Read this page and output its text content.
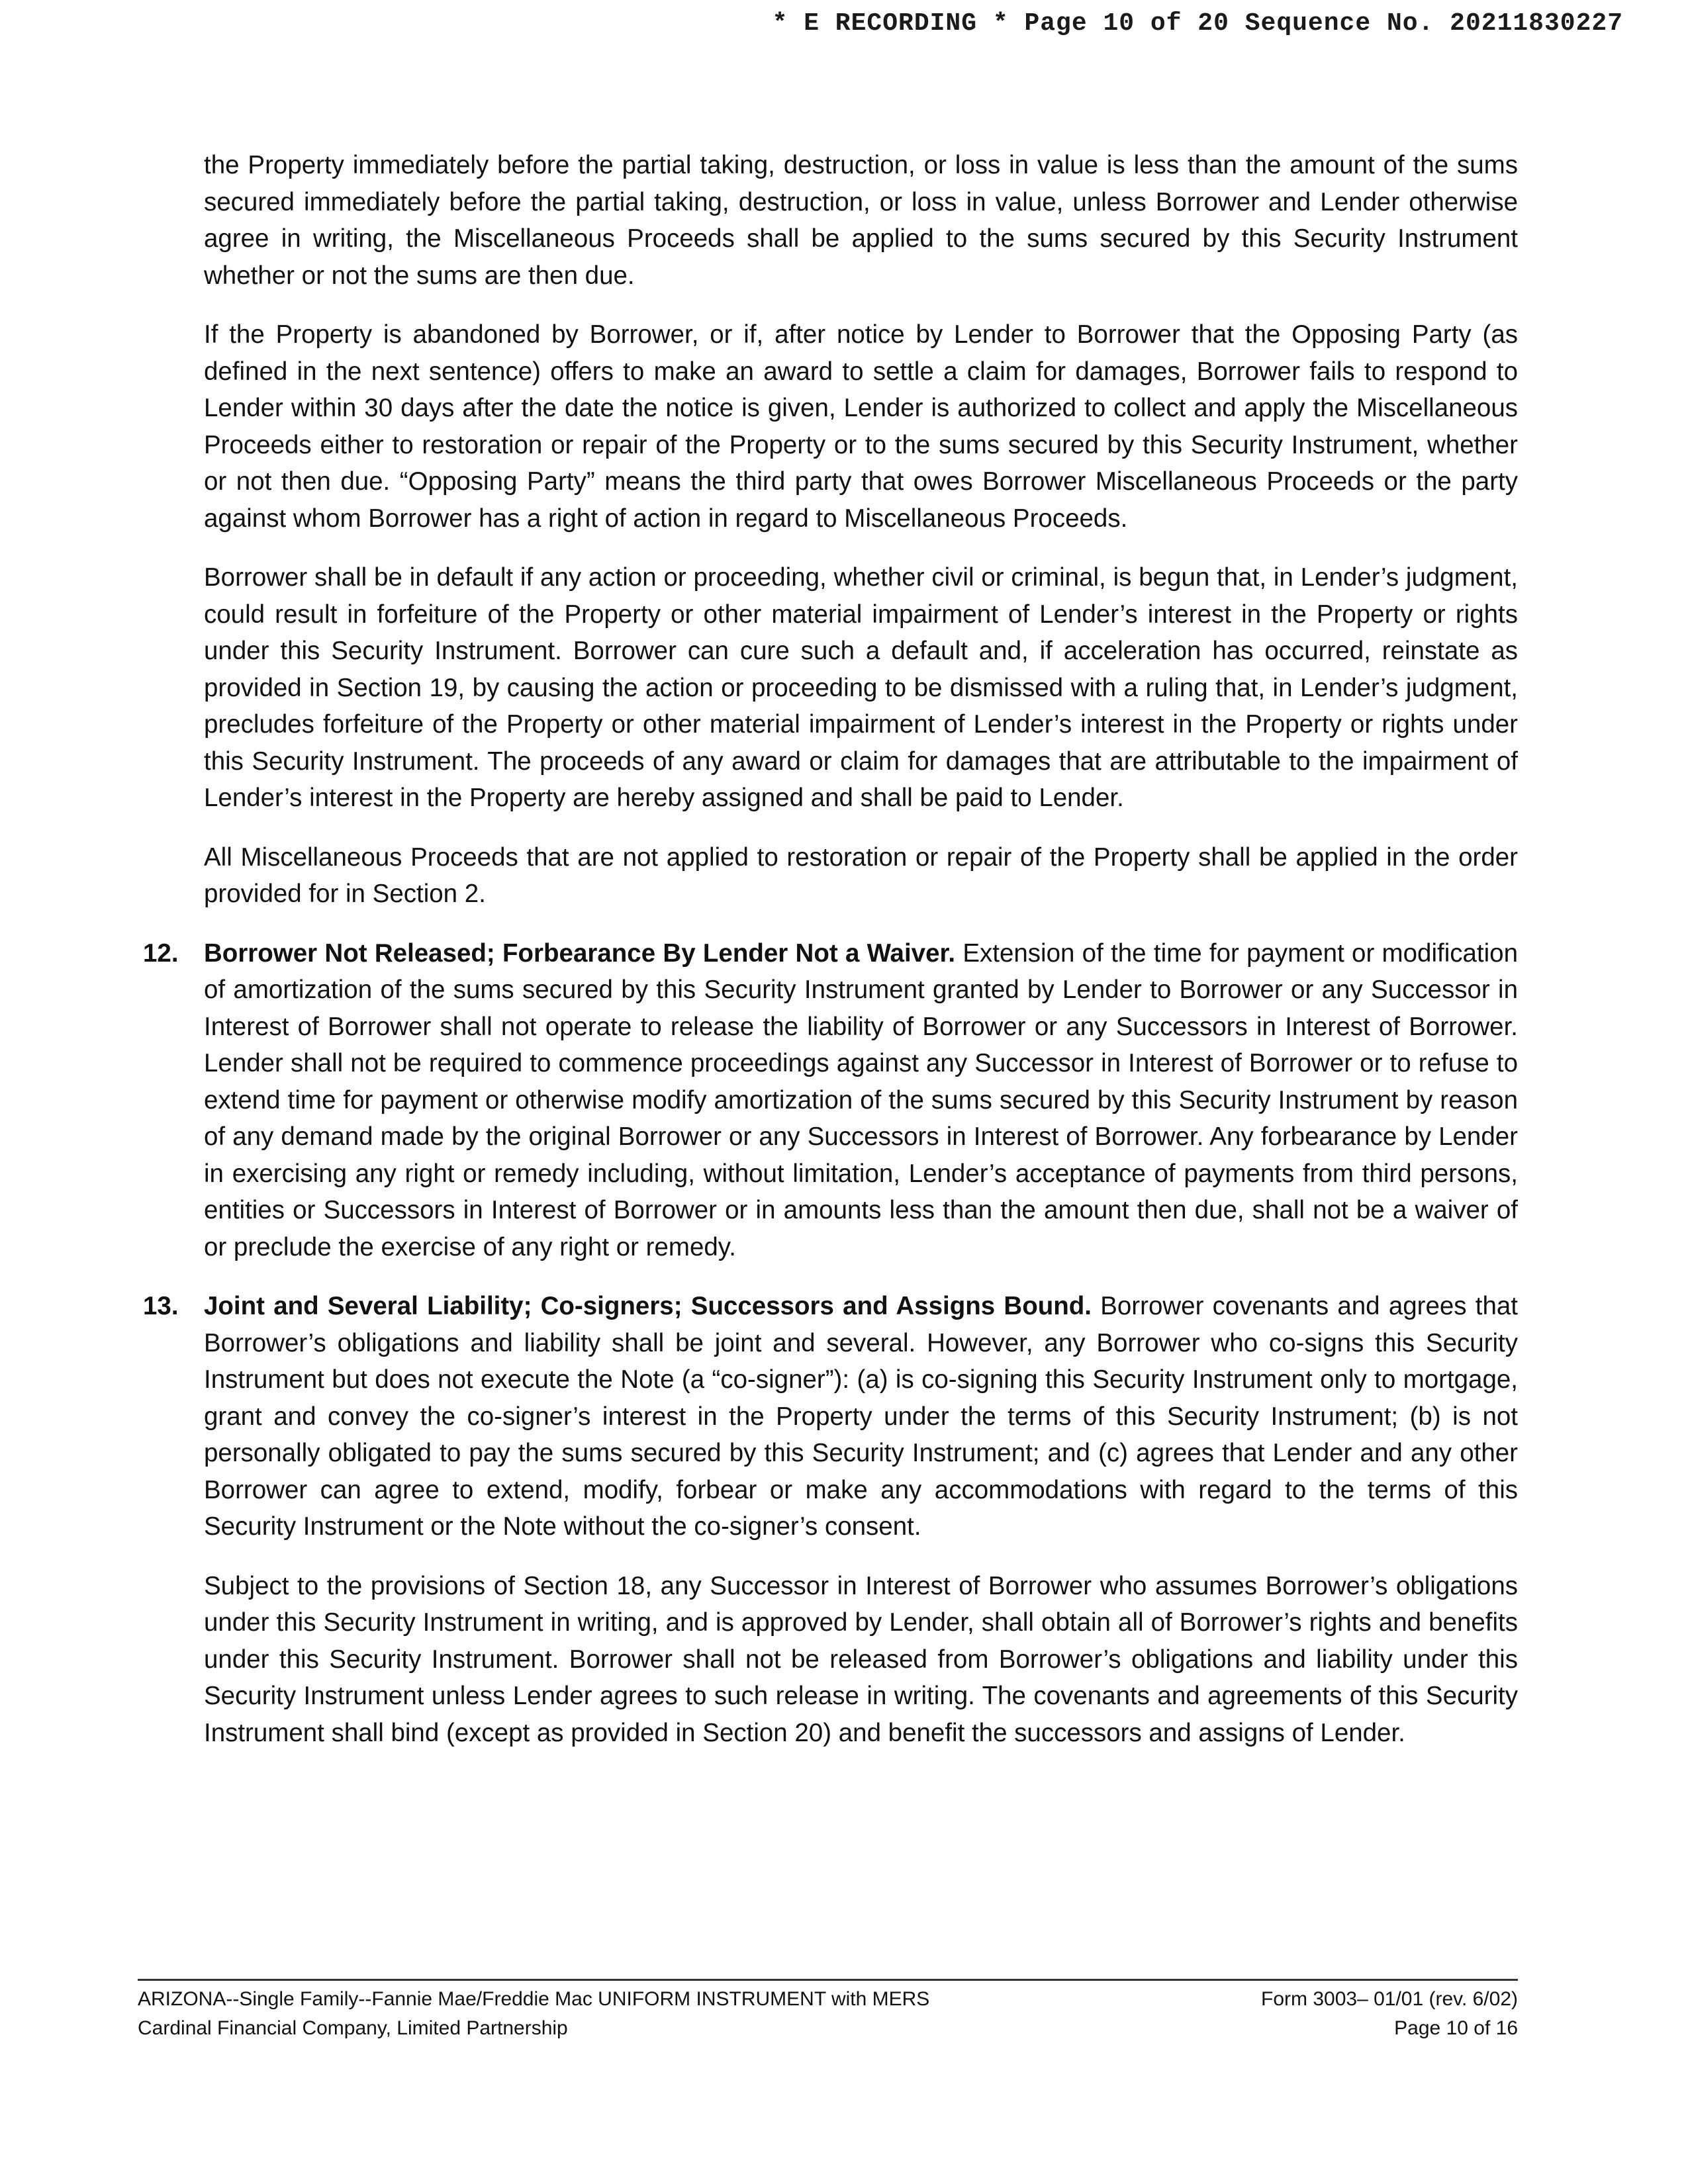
* E RECORDING * Page 10 of 20 Sequence No. 20211830227

the Property immediately before the partial taking, destruction, or loss in value is less than the amount of the sums secured immediately before the partial taking, destruction, or loss in value, unless Borrower and Lender otherwise agree in writing, the Miscellaneous Proceeds shall be applied to the sums secured by this Security Instrument whether or not the sums are then due.

If the Property is abandoned by Borrower, or if, after notice by Lender to Borrower that the Opposing Party (as defined in the next sentence) offers to make an award to settle a claim for damages, Borrower fails to respond to Lender within 30 days after the date the notice is given, Lender is authorized to collect and apply the Miscellaneous Proceeds either to restoration or repair of the Property or to the sums secured by this Security Instrument, whether or not then due. “Opposing Party” means the third party that owes Borrower Miscellaneous Proceeds or the party against whom Borrower has a right of action in regard to Miscellaneous Proceeds.

Borrower shall be in default if any action or proceeding, whether civil or criminal, is begun that, in Lender’s judgment, could result in forfeiture of the Property or other material impairment of Lender’s interest in the Property or rights under this Security Instrument. Borrower can cure such a default and, if acceleration has occurred, reinstate as provided in Section 19, by causing the action or proceeding to be dismissed with a ruling that, in Lender’s judgment, precludes forfeiture of the Property or other material impairment of Lender’s interest in the Property or rights under this Security Instrument. The proceeds of any award or claim for damages that are attributable to the impairment of Lender’s interest in the Property are hereby assigned and shall be paid to Lender.

All Miscellaneous Proceeds that are not applied to restoration or repair of the Property shall be applied in the order provided for in Section 2.

12. Borrower Not Released; Forbearance By Lender Not a Waiver. Extension of the time for payment or modification of amortization of the sums secured by this Security Instrument granted by Lender to Borrower or any Successor in Interest of Borrower shall not operate to release the liability of Borrower or any Successors in Interest of Borrower. Lender shall not be required to commence proceedings against any Successor in Interest of Borrower or to refuse to extend time for payment or otherwise modify amortization of the sums secured by this Security Instrument by reason of any demand made by the original Borrower or any Successors in Interest of Borrower. Any forbearance by Lender in exercising any right or remedy including, without limitation, Lender’s acceptance of payments from third persons, entities or Successors in Interest of Borrower or in amounts less than the amount then due, shall not be a waiver of or preclude the exercise of any right or remedy.

13. Joint and Several Liability; Co-signers; Successors and Assigns Bound. Borrower covenants and agrees that Borrower’s obligations and liability shall be joint and several. However, any Borrower who co-signs this Security Instrument but does not execute the Note (a “co-signer”): (a) is co-signing this Security Instrument only to mortgage, grant and convey the co-signer’s interest in the Property under the terms of this Security Instrument; (b) is not personally obligated to pay the sums secured by this Security Instrument; and (c) agrees that Lender and any other Borrower can agree to extend, modify, forbear or make any accommodations with regard to the terms of this Security Instrument or the Note without the co-signer’s consent.

Subject to the provisions of Section 18, any Successor in Interest of Borrower who assumes Borrower’s obligations under this Security Instrument in writing, and is approved by Lender, shall obtain all of Borrower’s rights and benefits under this Security Instrument. Borrower shall not be released from Borrower’s obligations and liability under this Security Instrument unless Lender agrees to such release in writing. The covenants and agreements of this Security Instrument shall bind (except as provided in Section 20) and benefit the successors and assigns of Lender.

ARIZONA--Single Family--Fannie Mae/Freddie Mac UNIFORM INSTRUMENT with MERS	Form 3003– 01/01 (rev. 6/02)
Cardinal Financial Company, Limited Partnership	Page 10 of 16
